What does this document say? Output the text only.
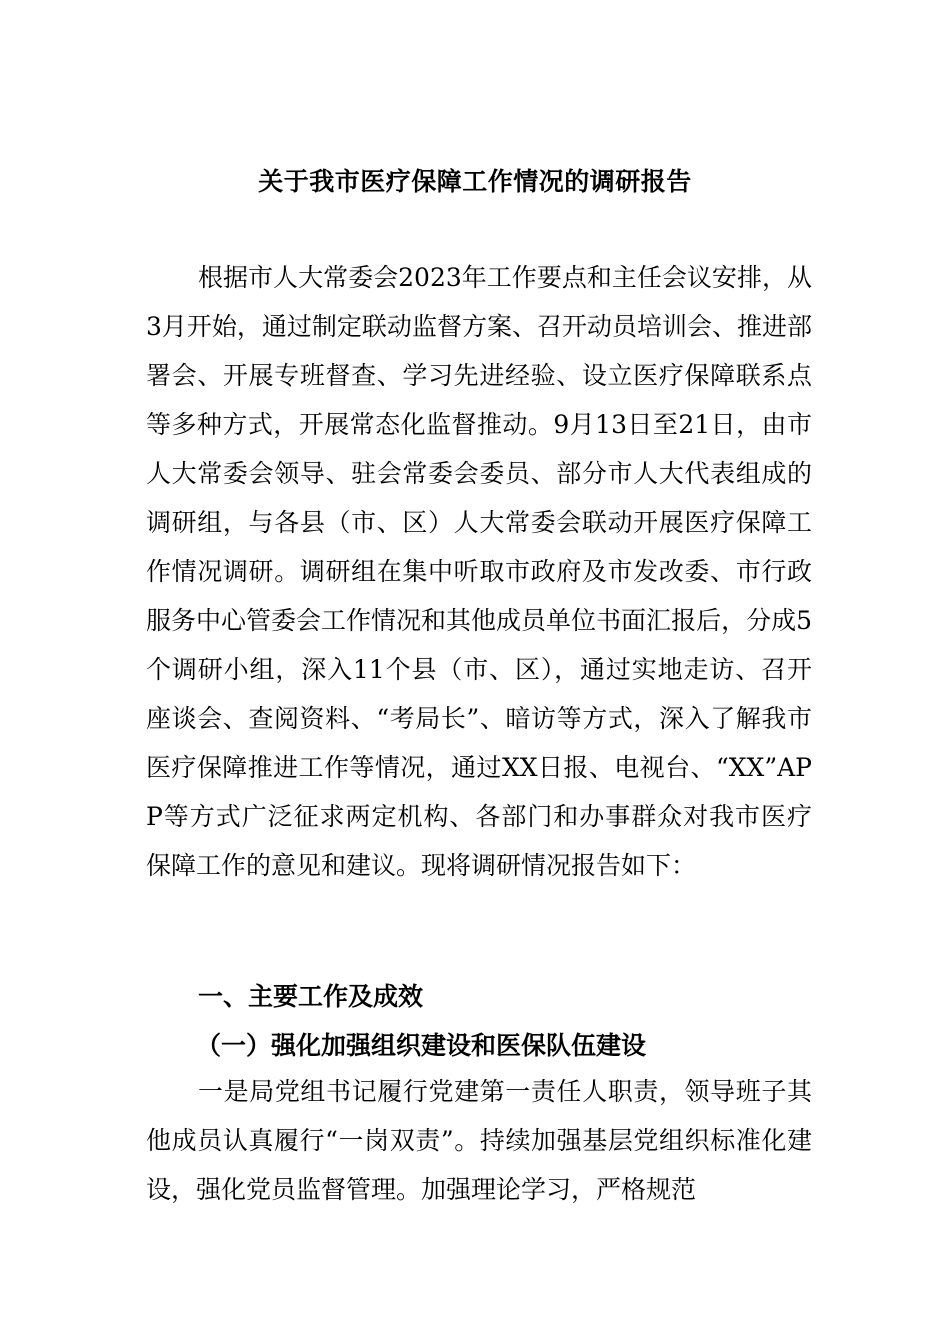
关于我市医疗保障工作情况的调研报告

根据市人大常委会2023年工作要点和主任会议安排，从3月开始，通过制定联动监督方案、召开动员培训会、推进部署会、开展专班督查、学习先进经验、设立医疗保障联系点等多种方式，开展常态化监督推动。9月13日至21日，由市人大常委会领导、驻会常委会委员、部分市人大代表组成的调研组，与各县（市、区）人大常委会联动开展医疗保障工作情况调研。调研组在集中听取市政府及市发改委、市行政服务中心管委会工作情况和其他成员单位书面汇报后，分成5个调研小组，深入11个县（市、区），通过实地走访、召开座谈会、查阅资料、“考局长”、暗访等方式，深入了解我市医疗保障推进工作等情况，通过XX日报、电视台、“XX”APP等方式广泛征求两定机构、各部门和办事群众对我市医疗保障工作的意见和建议。现将调研情况报告如下：

一、主要工作及成效

（一）强化加强组织建设和医保队伍建设

一是局党组书记履行党建第一责任人职责，领导班子其他成员认真履行“一岗双责”。持续加强基层党组织标准化建设，强化党员监督管理。加强理论学习，严格规范
